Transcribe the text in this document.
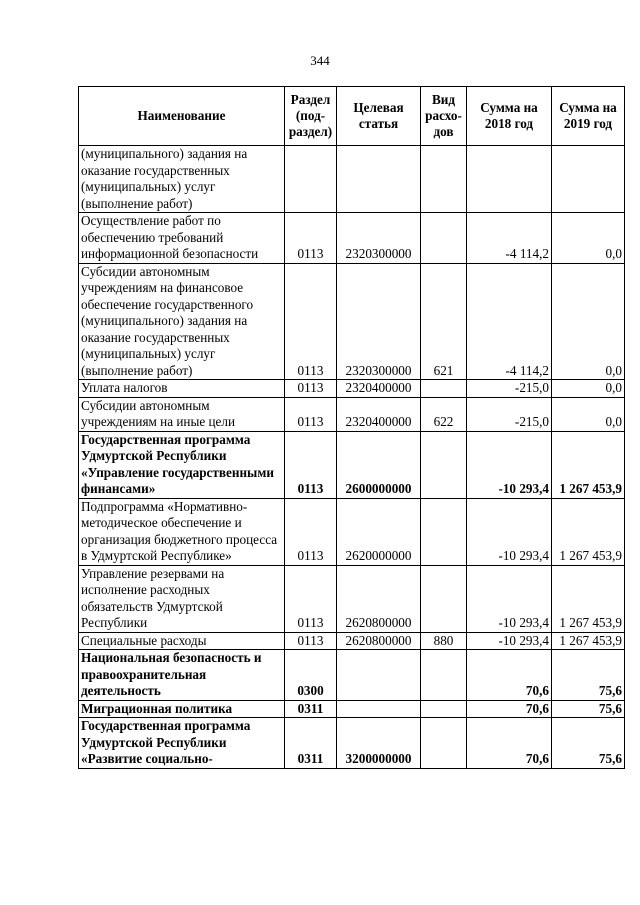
344
Наименование	Раздел (под-раздел)	Целевая статья	Вид расхо-дов	Сумма на 2018 год	Сумма на 2019 год
(муниципального) задания на оказание государственных (муниципальных) услуг (выполнение работ)					
Осуществление работ по обеспечению требований информационной безопасности	0113	2320300000		-4 114,2	0,0
Субсидии автономным учреждениям на финансовое обеспечение государственного (муниципального) задания на оказание государственных (муниципальных) услуг (выполнение работ)	0113	2320300000	621	-4 114,2	0,0
Уплата налогов	0113	2320400000		-215,0	0,0
Субсидии автономным учреждениям на иные цели	0113	2320400000	622	-215,0	0,0
Государственная программа Удмуртской Республики «Управление государственными финансами»	0113	2600000000		-10 293,4	1 267 453,9
Подпрограмма «Нормативно-методическое обеспечение и организация бюджетного процесса в Удмуртской Республике»	0113	2620000000		-10 293,4	1 267 453,9
Управление резервами на исполнение расходных обязательств Удмуртской Республики	0113	2620800000		-10 293,4	1 267 453,9
Специальные расходы	0113	2620800000	880	-10 293,4	1 267 453,9
Национальная безопасность и правоохранительная деятельность	0300			70,6	75,6
Миграционная политика	0311			70,6	75,6
Государственная программа Удмуртской Республики «Развитие социально-	0311	3200000000		70,6	75,6
